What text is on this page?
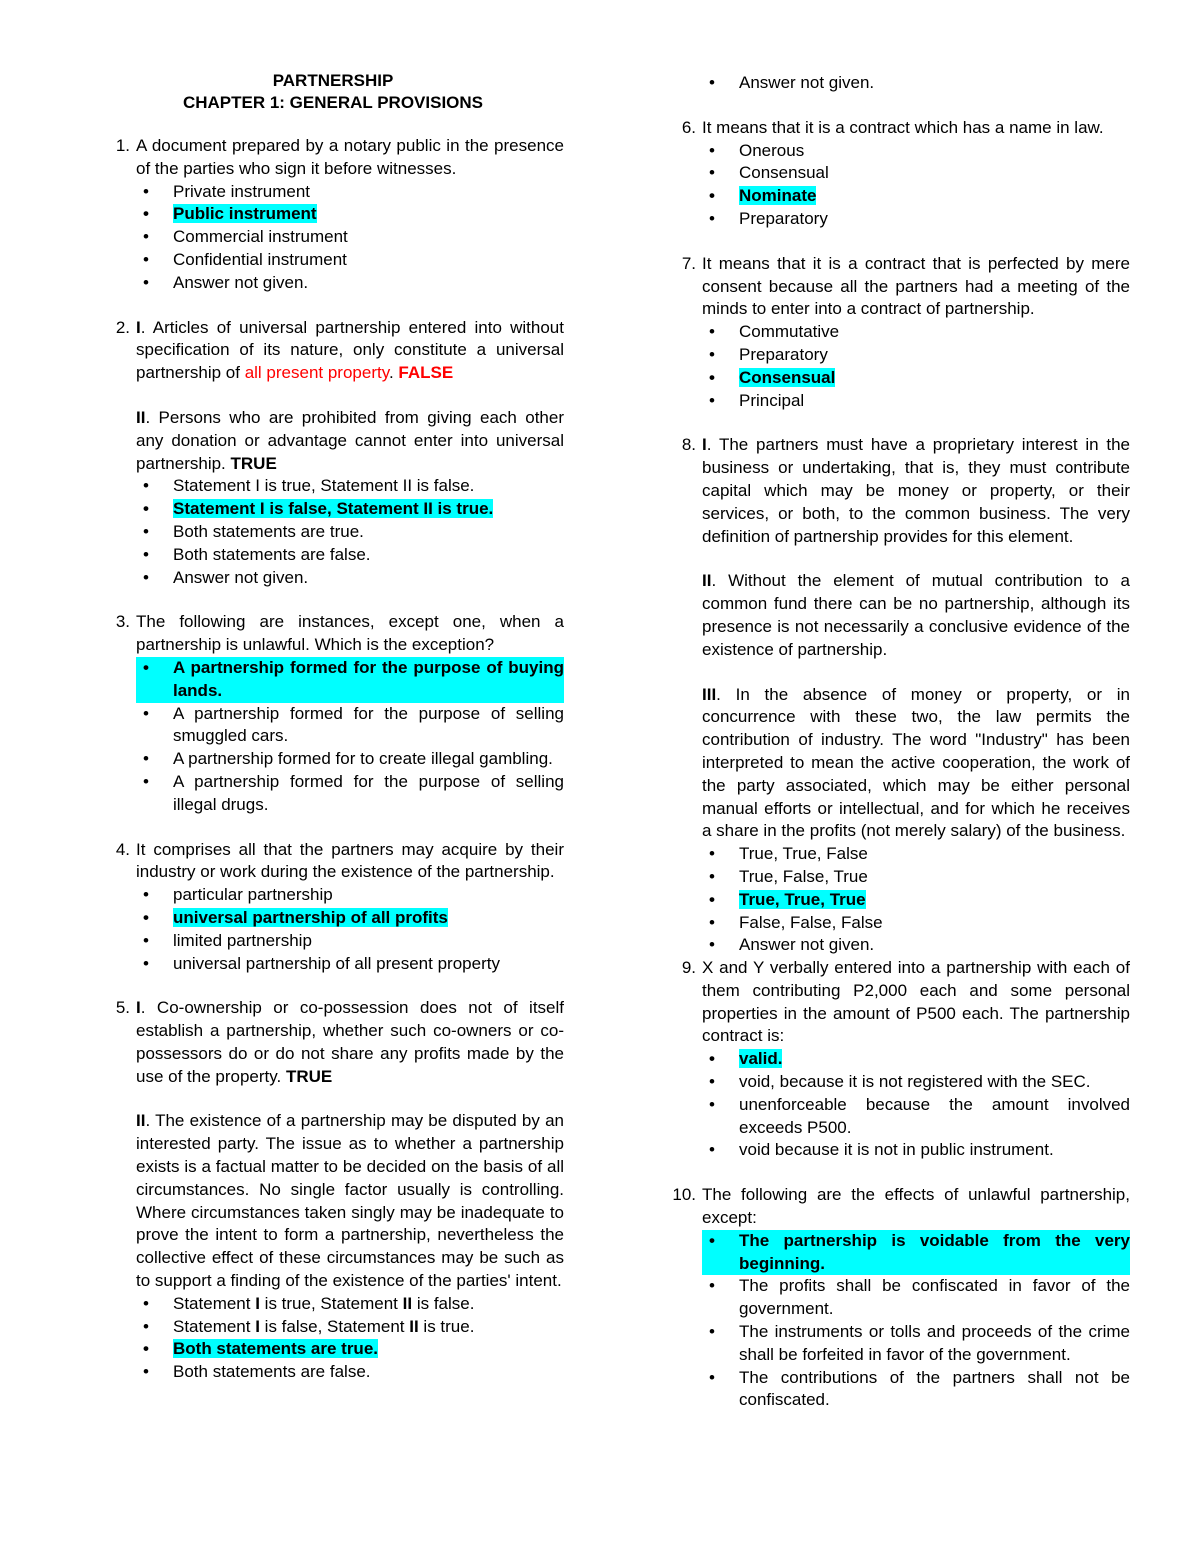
PARTNERSHIP

CHAPTER 1: GENERAL PROVISIONS

1. A document prepared by a notary public in the presence of the parties who sign it before witnesses.

• Private instrument
• Public instrument
• Commercial instrument
• Confidential instrument
• Answer not given.
2. I. Articles of universal partnership entered into without specification of its nature, only constitute a universal partnership of all present property. FALSE

II. Persons who are prohibited from giving each other any donation or advantage cannot enter into universal partnership. TRUE

• Statement I is true, Statement II is false.
• Statement I is false, Statement II is true.
• Both statements are true.
• Both statements are false.
• Answer not given.
3. The following are instances, except one, when a partnership is unlawful. Which is the exception?

• A partnership formed for the purpose of buying lands.
• A partnership formed for the purpose of selling smuggled cars.
• A partnership formed for to create illegal gambling.
• A partnership formed for the purpose of selling illegal drugs.
4. It comprises all that the partners may acquire by their industry or work during the existence of the partnership.

• particular partnership
• universal partnership of all profits
• limited partnership
• universal partnership of all present property
5. I. Co-ownership or co-possession does not of itself establish a partnership, whether such co-owners or co- possessors do or do not share any profits made by the use of the property. TRUE

II. The existence of a partnership may be disputed by an interested party. The issue as to whether a partnership exists is a factual matter to be decided on the basis of all circumstances. No single factor usually is controlling. Where circumstances taken singly may be inadequate to prove the intent to form a partnership, nevertheless the collective effect of these circumstances may be such as to support a finding of the existence of the parties' intent.

• Statement I is true, Statement II is false.
• Statement I is false, Statement II is true.
• Both statements are true.
• Both statements are false.
• Answer not given.
6. It means that it is a contract which has a name in law.

• Onerous
• Consensual
• Nominate
• Preparatory
7. It means that it is a contract that is perfected by mere consent because all the partners had a meeting of the minds to enter into a contract of partnership.

• Commutative
• Preparatory
• Consensual
• Principal
8. I. The partners must have a proprietary interest in the business or undertaking, that is, they must contribute capital which may be money or property, or their services, or both, to the common business. The very definition of partnership provides for this element.

II. Without the element of mutual contribution to a common fund there can be no partnership, although its presence is not necessarily a conclusive evidence of the existence of partnership.

III. In the absence of money or property, or in concurrence with these two, the law permits the contribution of industry. The word "Industry" has been interpreted to mean the active cooperation, the work of the party associated, which may be either personal manual efforts or intellectual, and for which he receives a share in the profits (not merely salary) of the business.

• True, True, False
• True, False, True
• True, True, True
• False, False, False
• Answer not given.
9. X and Y verbally entered into a partnership with each of them contributing P2,000 each and some personal properties in the amount of P500 each. The partnership contract is:

• valid.
• void, because it is not registered with the SEC.
• unenforceable because the amount involved exceeds P500.
• void because it is not in public instrument.
10. The following are the effects of unlawful partnership, except:

• The partnership is voidable from the very beginning.
• The profits shall be confiscated in favor of the government.
• The instruments or tolls and proceeds of the crime shall be forfeited in favor of the government.
• The contributions of the partners shall not be confiscated.
